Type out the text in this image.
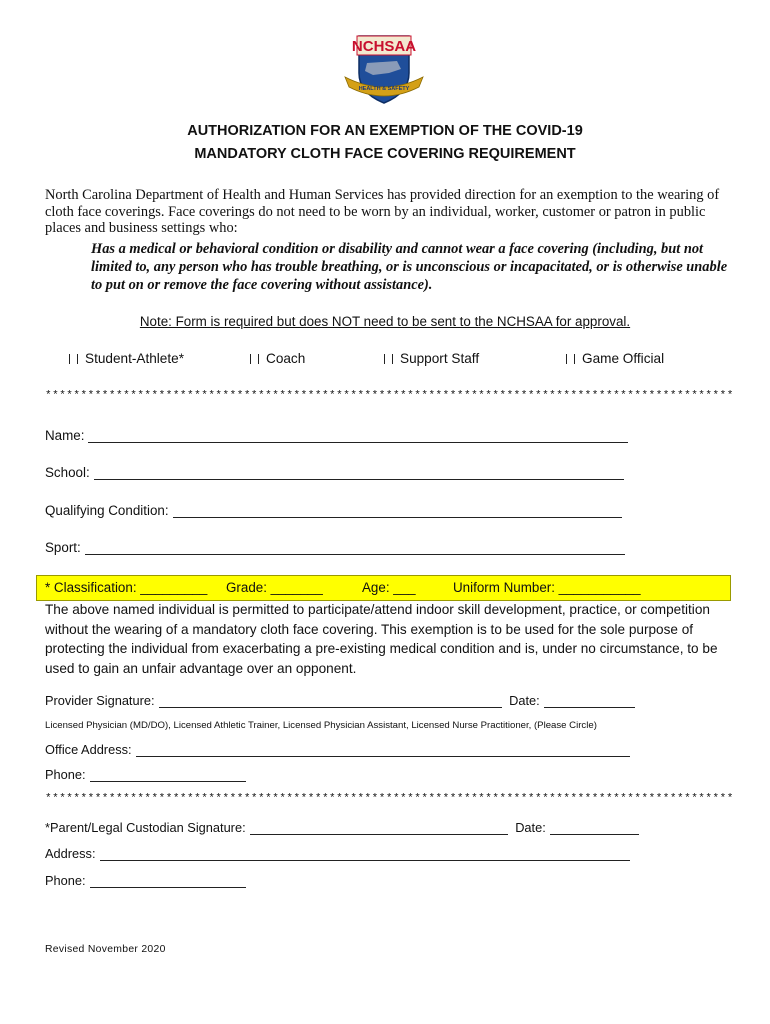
NCHSAA
HEALTH & SAFETY
AUTHORIZATION FOR AN EXEMPTION OF THE COVID-19
MANDATORY CLOTH FACE COVERING REQUIREMENT
North Carolina Department of Health and Human Services has provided direction for an exemption to the wearing of cloth face coverings. Face coverings do not need to be worn by an individual, worker, customer or patron in public places and business settings who:
Has a medical or behavioral condition or disability and cannot wear a face covering (including, but not limited to, any person who has trouble breathing, or is unconscious or incapacitated, or is otherwise unable to put on or remove the face covering without assistance).
Note: Form is required but does NOT need to be sent to the NCHSAA for approval.
Student-Athlete*	Coach	Support Staff	Game Official
*************************************************************************************************
Name:
School:
Qualifying Condition:
Sport:
* Classification: _________ Grade: _______	Age: ___	Uniform Number: ___________
The above named individual is permitted to participate/attend indoor skill development, practice, or competition without the wearing of a mandatory cloth face covering. This exemption is to be used for the sole purpose of protecting the individual from exacerbating a pre-existing medical condition and is, under no circumstance, to be used to gain an unfair advantage over an opponent.
Provider Signature:	Date:
Licensed Physician (MD/DO), Licensed Athletic Trainer, Licensed Physician Assistant, Licensed Nurse Practitioner, (Please Circle)
Office Address:
Phone:
*************************************************************************************************
*Parent/Legal Custodian Signature:	Date:
Address:
Phone:
Revised November 2020
